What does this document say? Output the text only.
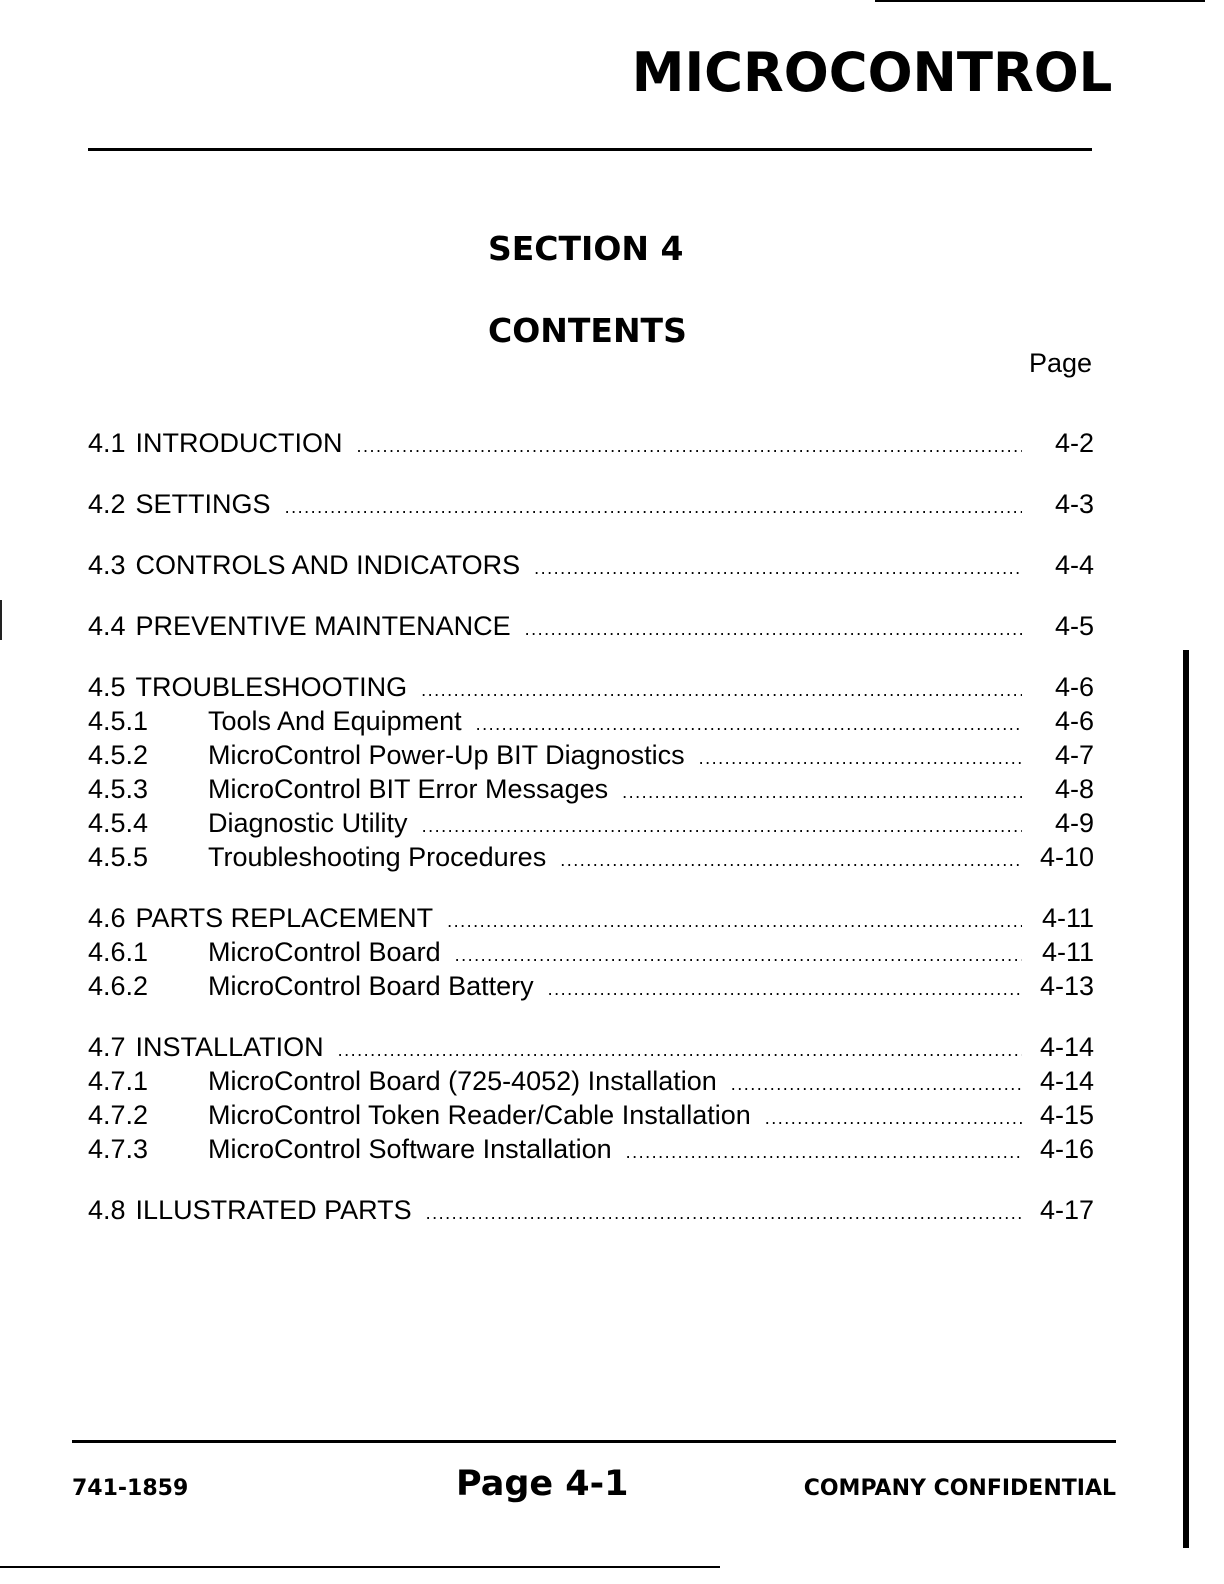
MICROCONTROL
SECTION 4
CONTENTS
Page
4.1 INTRODUCTION .....	4-2
4.2 SETTINGS .....	4-3
4.3 CONTROLS AND INDICATORS .....	4-4
4.4 PREVENTIVE MAINTENANCE .....	4-5
4.5 TROUBLESHOOTING .....	4-6
4.5.1	Tools And Equipment .....	4-6
4.5.2	MicroControl Power-Up BIT Diagnostics .....	4-7
4.5.3	MicroControl BIT Error Messages .....	4-8
4.5.4	Diagnostic Utility .....	4-9
4.5.5	Troubleshooting Procedures .....	4-10
4.6 PARTS REPLACEMENT .....	4-11
4.6.1	MicroControl Board .....	4-11
4.6.2	MicroControl Board Battery .....	4-13
4.7 INSTALLATION .....	4-14
4.7.1	MicroControl Board (725-4052) Installation .....	4-14
4.7.2	MicroControl Token Reader/Cable Installation .....	4-15
4.7.3	MicroControl Software Installation .....	4-16
4.8 ILLUSTRATED PARTS .....	4-17
741-1859	Page 4-1	COMPANY CONFIDENTIAL
